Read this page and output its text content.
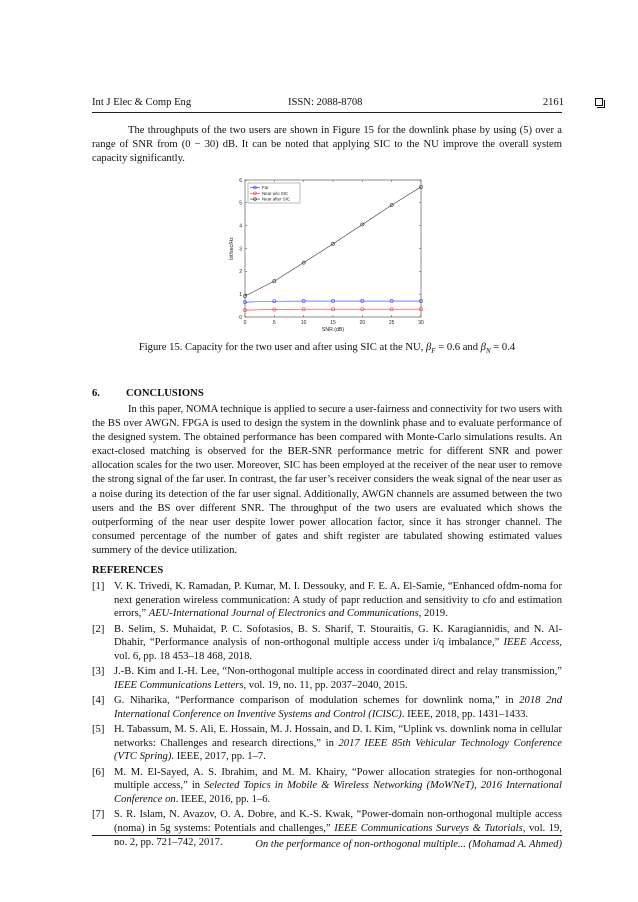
Int J Elec & Comp Eng	ISSN: 2088-8708	2161
The throughputs of the two users are shown in Figure 15 for the downlink phase by using (5) over a range of SNR from (0 − 30) dB. It can be noted that applying SIC to the NU improve the overall system capacity significantly.
0	5	10	15	20	25	30
0
1
2
3
4
5
6
SNR (dB)
bit/sec/Hz
Far
Near w/o SIC
Near after SIC
Figure 15. Capacity for the two user and after using SIC at the NU, $\beta_F = 0.6$ and $\beta_N = 0.4$
6. CONCLUSIONS
In this paper, NOMA technique is applied to secure a user-fairness and connectivity for two users with the BS over AWGN. FPGA is used to design the system in the downlink phase and to evaluate performance of the designed system. The obtained performance has been compared with Monte-Carlo simulations results. An exact-closed matching is observed for the BER-SNR performance metric for different SNR and power allocation scales for the two user. Moreover, SIC has been employed at the receiver of the near user to remove the strong signal of the far user. In contrast, the far user’s receiver considers the weak signal of the near user as a noise during its detection of the far user signal. Additionally, AWGN channels are assumed between the two users and the BS over different SNR. The throughput of the two users are evaluated which shows the outperforming of the near user despite lower power allocation factor, since it has stronger channel. The consumed percentage of the number of gates and shift register are tabulated showing estimated values summery of the device utilization.
REFERENCES
[1] V. K. Trivedi, K. Ramadan, P. Kumar, M. I. Dessouky, and F. E. A. El-Samie, “Enhanced ofdm-noma for next generation wireless communication: A study of papr reduction and sensitivity to cfo and estimation errors,” AEU-International Journal of Electronics and Communications, 2019.
[2] B. Selim, S. Muhaidat, P. C. Sofotasios, B. S. Sharif, T. Stouraitis, G. K. Karagiannidis, and N. Al-Dhahir, “Performance analysis of non-orthogonal multiple access under i/q imbalance,” IEEE Access, vol. 6, pp. 18 453–18 468, 2018.
[3] J.-B. Kim and I.-H. Lee, “Non-orthogonal multiple access in coordinated direct and relay transmission,” IEEE Communications Letters, vol. 19, no. 11, pp. 2037–2040, 2015.
[4] G. Niharika, “Performance comparison of modulation schemes for downlink noma,” in 2018 2nd International Conference on Inventive Systems and Control (ICISC). IEEE, 2018, pp. 1431–1433.
[5] H. Tabassum, M. S. Ali, E. Hossain, M. J. Hossain, and D. I. Kim, “Uplink vs. downlink noma in cellular networks: Challenges and research directions,” in 2017 IEEE 85th Vehicular Technology Conference (VTC Spring). IEEE, 2017, pp. 1–7.
[6] M. M. El-Sayed, A. S. Ibrahim, and M. M. Khairy, “Power allocation strategies for non-orthogonal multiple access,” in Selected Topics in Mobile & Wireless Networking (MoWNeT), 2016 International Conference on. IEEE, 2016, pp. 1–6.
[7] S. R. Islam, N. Avazov, O. A. Dobre, and K.-S. Kwak, “Power-domain non-orthogonal multiple access (noma) in 5g systems: Potentials and challenges,” IEEE Communications Surveys & Tutorials, vol. 19, no. 2, pp. 721–742, 2017.	On the performance of non-orthogonal multiple... (Mohamad A. Ahmed)
